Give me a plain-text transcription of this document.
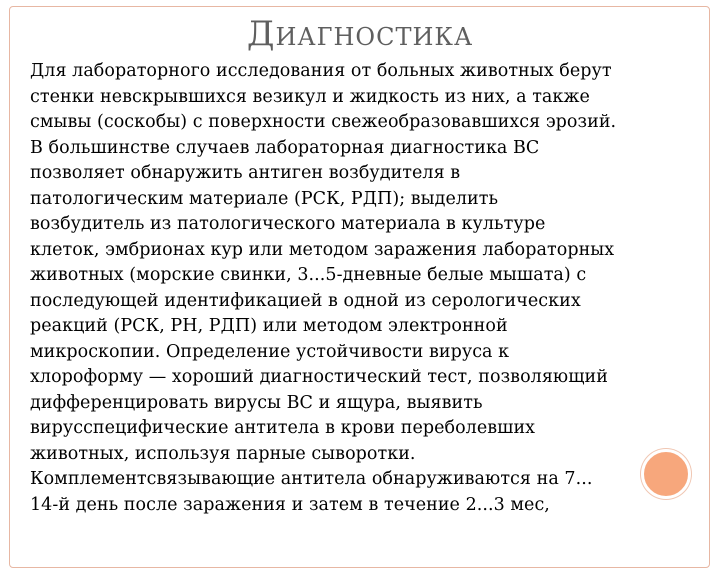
ДИАГНОСТИКА
Для лабораторного исследования от больных животных берут
стенки невскрывшихся везикул и жидкость из них, а также
смывы (соскобы) с поверхности свежеобразовавшихся эрозий.
В большинстве случаев лабораторная диагностика ВС
позволяет обнаружить антиген возбудителя в
патологическим материале (РСК, РДП); выделить
возбудитель из патологического материала в культуре
клеток, эмбрионах кур или методом заражения лабораторных
животных (морские свинки, 3...5-дневные белые мышата) с
последующей идентификацией в одной из серологических
реакций (РСК, РН, РДП) или методом электронной
микроскопии. Определение устойчивости вируса к
хлороформу — хороший диагностический тест, позволяющий
дифференцировать вирусы ВС и ящура, выявить
вирусспецифические антитела в крови переболевших
животных, используя парные сыворотки.
Комплементсвязывающие антитела обнаруживаются на 7...
14-й день после заражения и затем в течение 2...3 мес,
